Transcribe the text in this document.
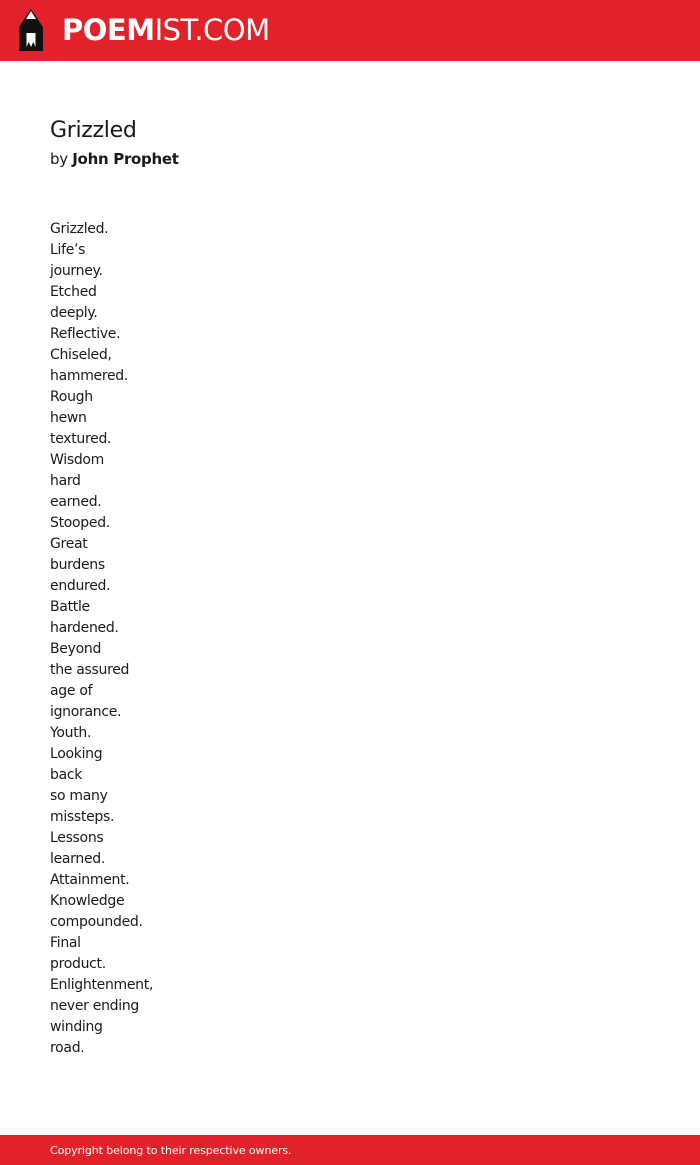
POEMIST.COM
Grizzled
by John Prophet
Grizzled.
Life’s
journey.
Etched
deeply.
Reflective.
Chiseled,
hammered.
Rough
hewn
textured.
Wisdom
hard
earned.
Stooped.
Great
burdens
endured.
Battle
hardened.
Beyond
the assured
age of
ignorance.
Youth.
Looking
back
so many
missteps.
Lessons
learned.
Attainment.
Knowledge
compounded.
Final
product.
Enlightenment,
never ending
winding
road.
Copyright belong to their respective owners.
